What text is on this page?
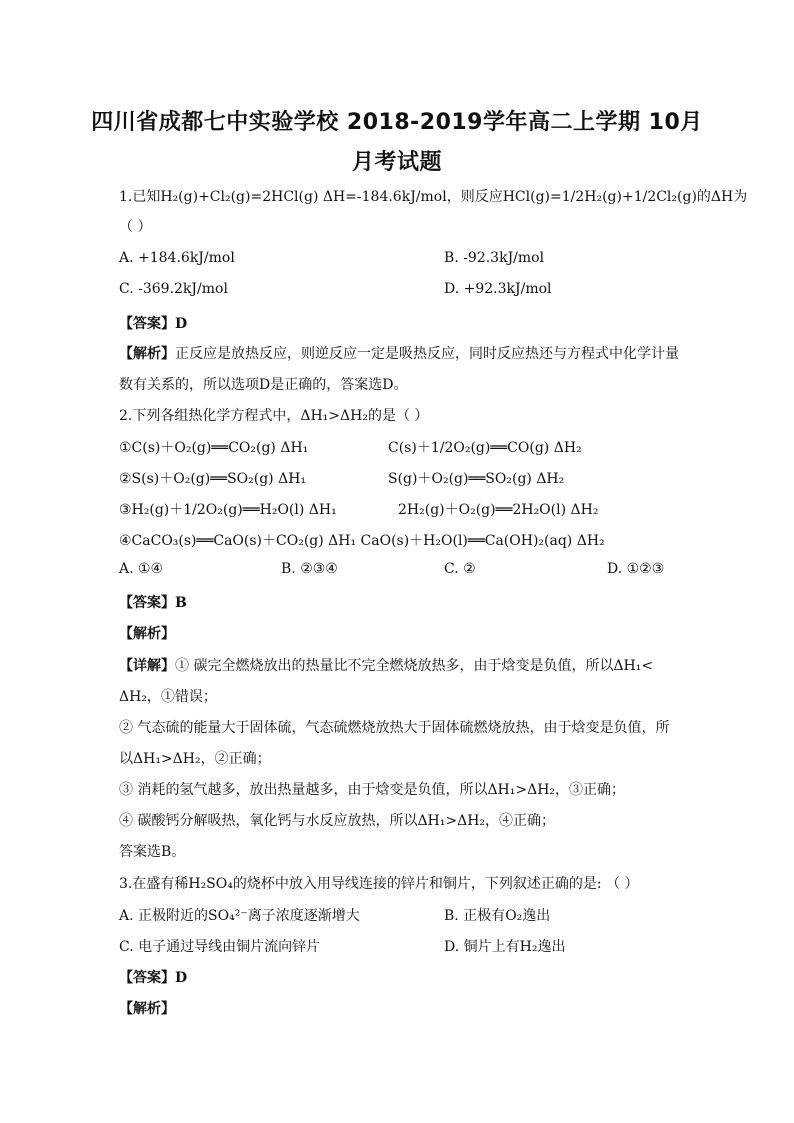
四川省成都七中实验学校 2018-2019学年高二上学期 10月
月考试题
1.已知H₂(g)+Cl₂(g)=2HCl(g) ΔH=-184.6kJ/mol，则反应HCl(g)=1/2H₂(g)+1/2Cl₂(g)的ΔH为
（ ）
A. +184.6kJ/mol	B. -92.3kJ/mol
C. -369.2kJ/mol	D. +92.3kJ/mol
【答案】D
【解析】正反应是放热反应，则逆反应一定是吸热反应，同时反应热还与方程式中化学计量
数有关系的，所以选项D是正确的，答案选D。
2.下列各组热化学方程式中，ΔH₁>ΔH₂的是（ ）
①C(s)＋O₂(g)══CO₂(g) ΔH₁	C(s)＋1/2O₂(g)══CO(g) ΔH₂
②S(s)＋O₂(g)══SO₂(g) ΔH₁	S(g)＋O₂(g)══SO₂(g) ΔH₂
③H₂(g)＋1/2O₂(g)══H₂O(l) ΔH₁	2H₂(g)＋O₂(g)══2H₂O(l) ΔH₂
④CaCO₃(s)══CaO(s)＋CO₂(g) ΔH₁ CaO(s)＋H₂O(l)══Ca(OH)₂(aq) ΔH₂
A. ①④	B. ②③④	C. ②	D. ①②③
【答案】B
【解析】
【详解】① 碳完全燃烧放出的热量比不完全燃烧放热多，由于焓变是负值，所以ΔH₁<
ΔH₂，①错误；
② 气态硫的能量大于固体硫，气态硫燃烧放热大于固体硫燃烧放热，由于焓变是负值，所
以ΔH₁>ΔH₂，②正确；
③ 消耗的氢气越多，放出热量越多，由于焓变是负值，所以ΔH₁>ΔH₂，③正确；
④ 碳酸钙分解吸热，氧化钙与水反应放热，所以ΔH₁>ΔH₂，④正确；
答案选B。
3.在盛有稀H₂SO₄的烧杯中放入用导线连接的锌片和铜片，下列叙述正确的是: （ ）
A. 正极附近的SO₄²⁻离子浓度逐渐增大	B. 正极有O₂逸出
C. 电子通过导线由铜片流向锌片	D. 铜片上有H₂逸出
【答案】D
【解析】
